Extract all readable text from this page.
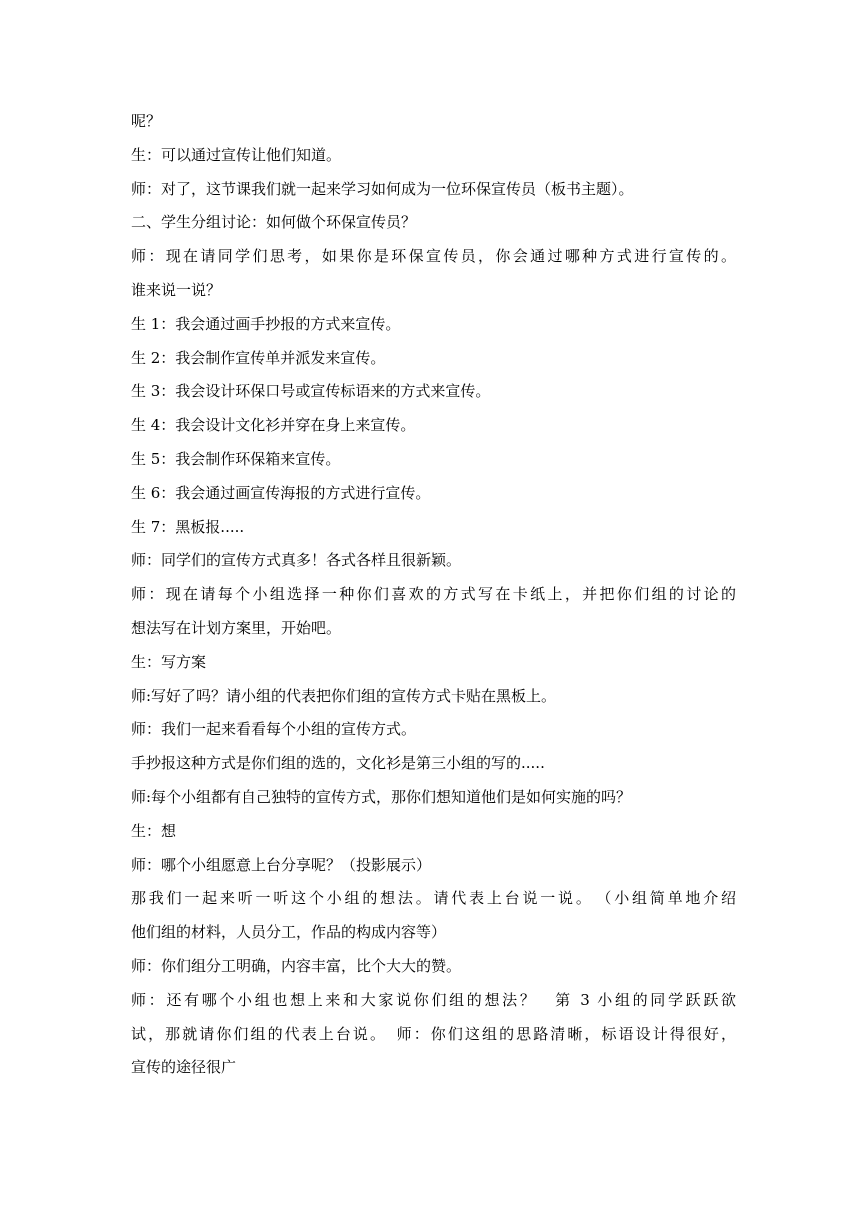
呢？
生：可以通过宣传让他们知道。
师：对了，这节课我们就一起来学习如何成为一位环保宣传员（板书主题）。
二、学生分组讨论：如何做个环保宣传员？
师：现在请同学们思考，如果你是环保宣传员，你会通过哪种方式进行宣传的。
谁来说一说？
生 1：我会通过画手抄报的方式来宣传。
生 2：我会制作宣传单并派发来宣传。
生 3：我会设计环保口号或宣传标语来的方式来宣传。
生 4：我会设计文化衫并穿在身上来宣传。
生 5：我会制作环保箱来宣传。
生 6：我会通过画宣传海报的方式进行宣传。
生 7：黑板报.....
师：同学们的宣传方式真多！各式各样且很新颖。
师：现在请每个小组选择一种你们喜欢的方式写在卡纸上，并把你们组的讨论的
想法写在计划方案里，开始吧。
生：写方案
师:写好了吗？请小组的代表把你们组的宣传方式卡贴在黑板上。
师：我们一起来看看每个小组的宣传方式。
手抄报这种方式是你们组的选的，文化衫是第三小组的写的.....
师:每个小组都有自己独特的宣传方式，那你们想知道他们是如何实施的吗？
生：想
师：哪个小组愿意上台分享呢？（投影展示）
那我们一起来听一听这个小组的想法。请代表上台说一说。　（小组简单地介绍
他们组的材料，人员分工，作品的构成内容等）
师：你们组分工明确，内容丰富，比个大大的赞。
师：还有哪个小组也想上来和大家说你们组的想法？　第 3 小组的同学跃跃欲
试，那就请你们组的代表上台说。　师：你们这组的思路清晰，标语设计得很好，
宣传的途径很广
